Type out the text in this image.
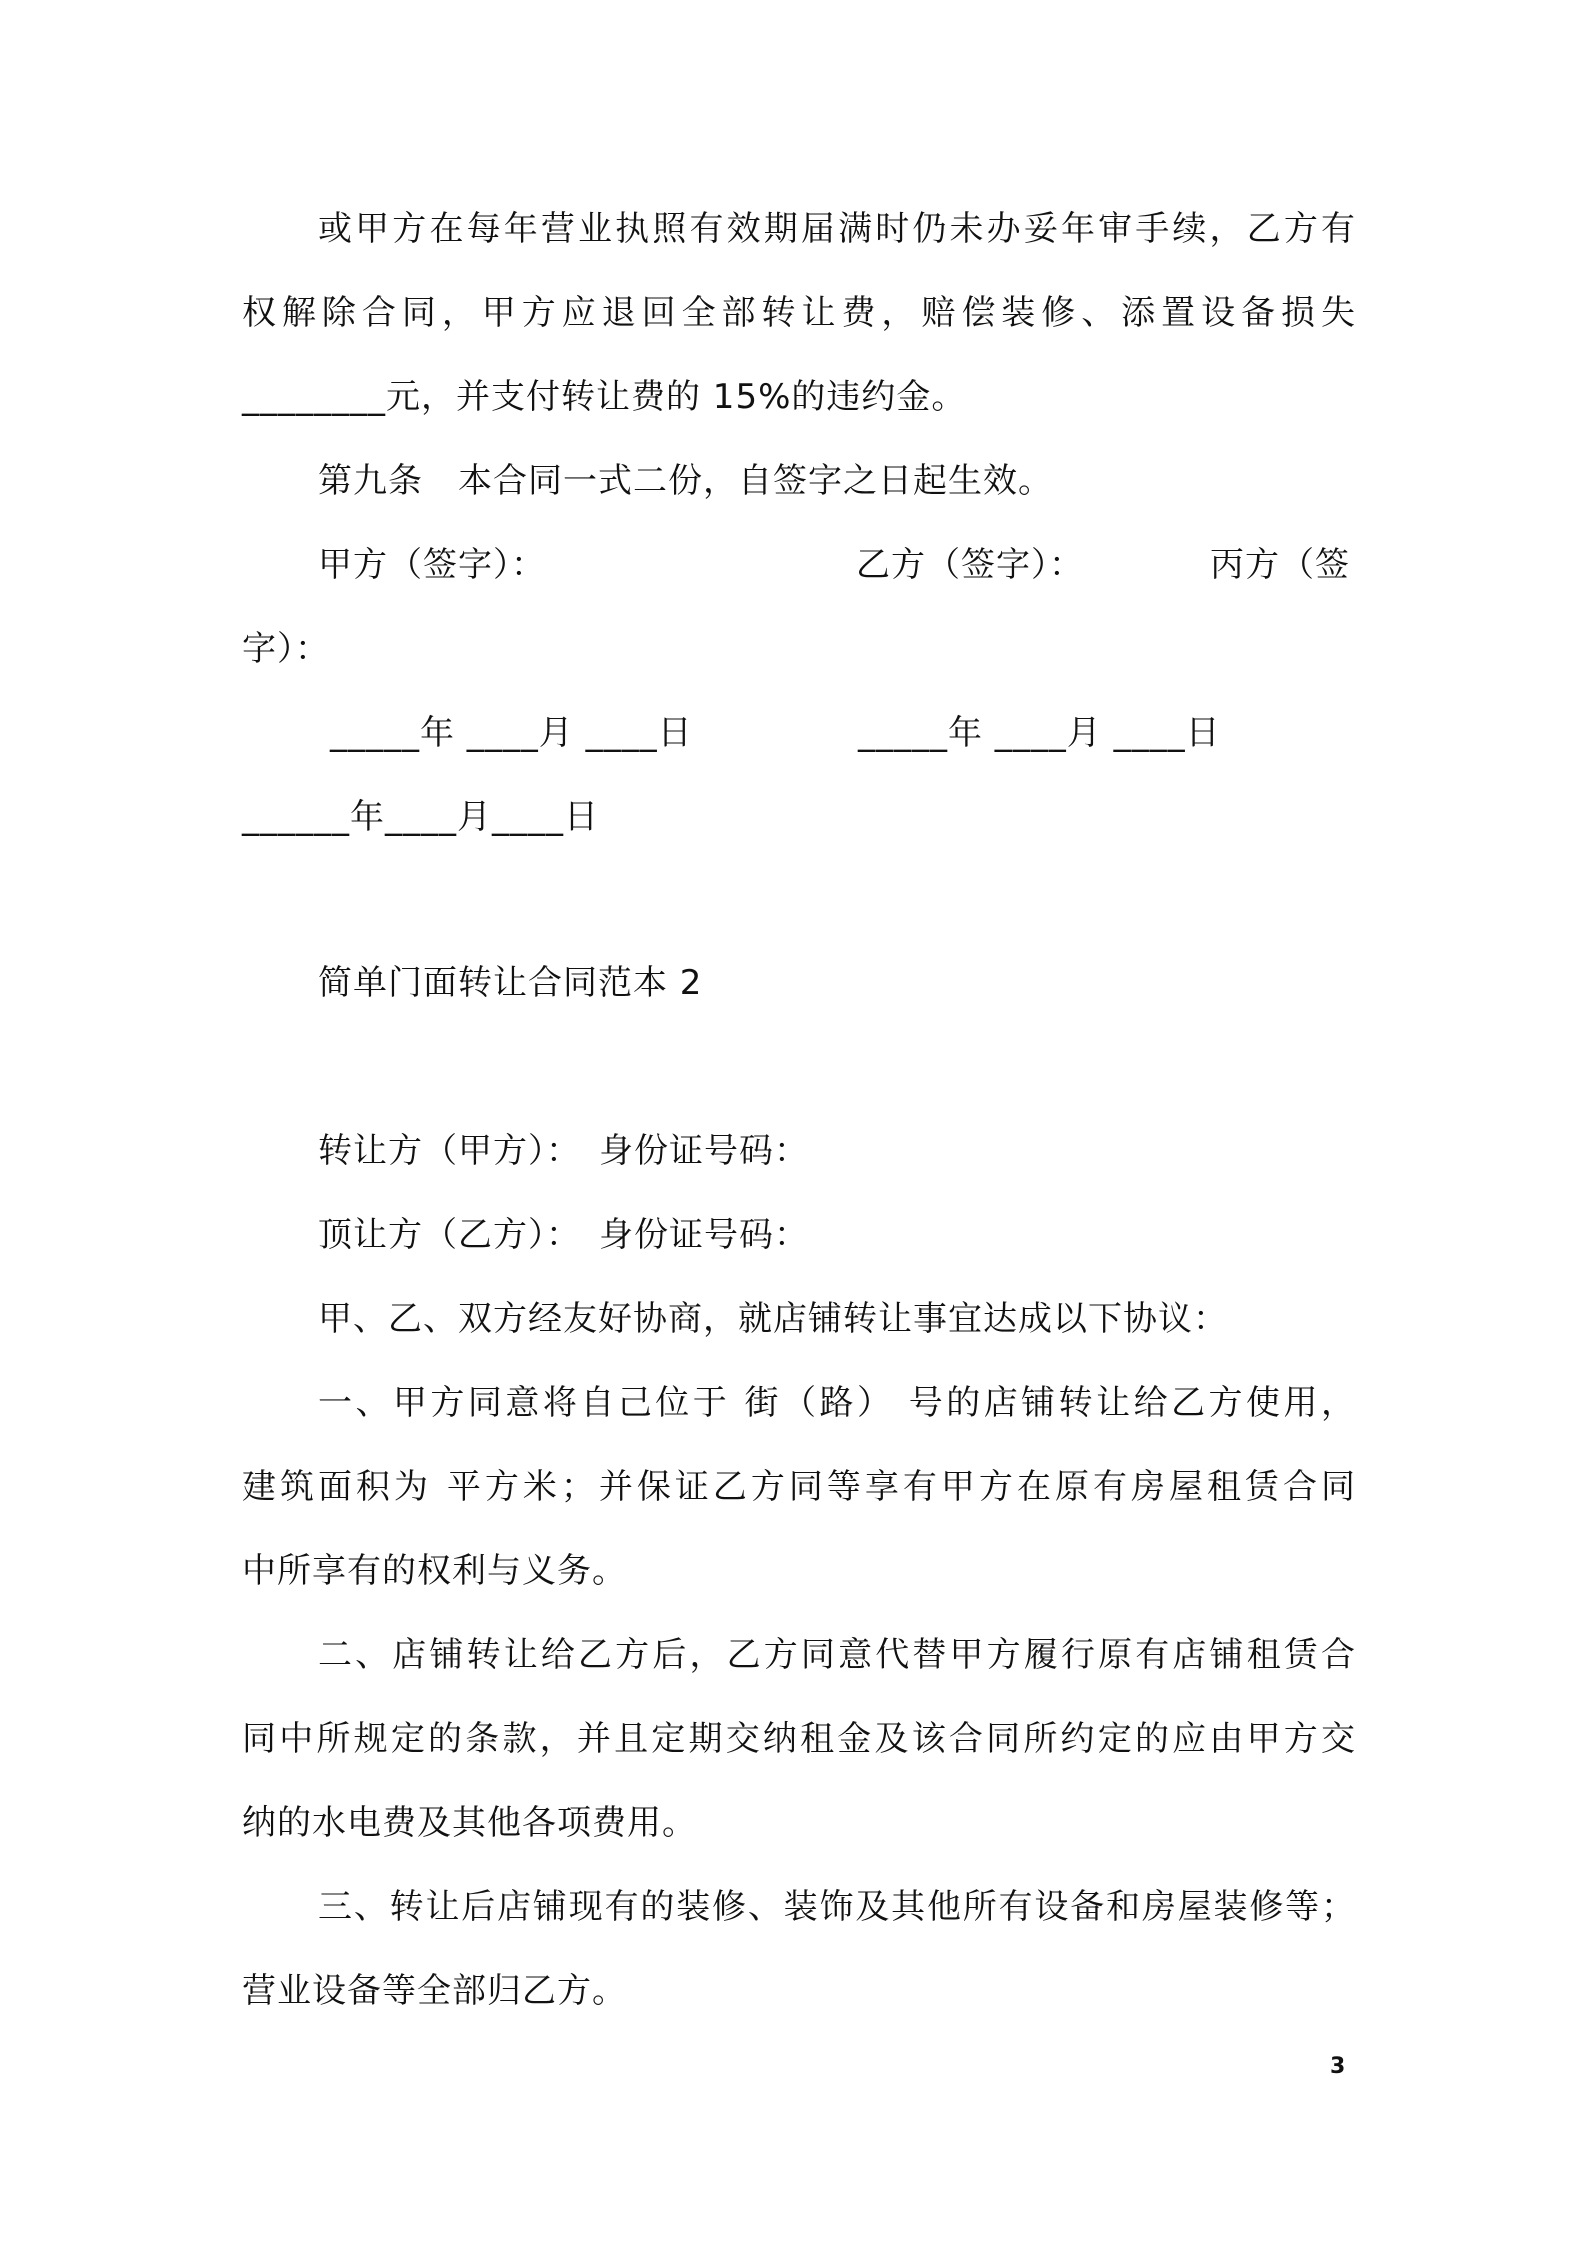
或甲方在每年营业执照有效期届满时仍未办妥年审手续，乙方有
权解除合同，甲方应退回全部转让费，赔偿装修、添置设备损失
________元，并支付转让费的 15%的违约金。
第九条　本合同一式二份，自签字之日起生效。
甲方（签字）：	乙方（签字）：	丙方（签
字）：
_____年 ____月 ____日	_____年 ____月 ____日
______年____月____日
简单门面转让合同范本 2
转让方（甲方）：　身份证号码：
顶让方（乙方）：　身份证号码：
甲、乙、双方经友好协商，就店铺转让事宜达成以下协议：
一、甲方同意将自己位于 街（路） 号的店铺转让给乙方使用，
建筑面积为 平方米；并保证乙方同等享有甲方在原有房屋租赁合同
中所享有的权利与义务。
二、店铺转让给乙方后，乙方同意代替甲方履行原有店铺租赁合
同中所规定的条款，并且定期交纳租金及该合同所约定的应由甲方交
纳的水电费及其他各项费用。
三、转让后店铺现有的装修、装饰及其他所有设备和房屋装修等；
营业设备等全部归乙方。
3
